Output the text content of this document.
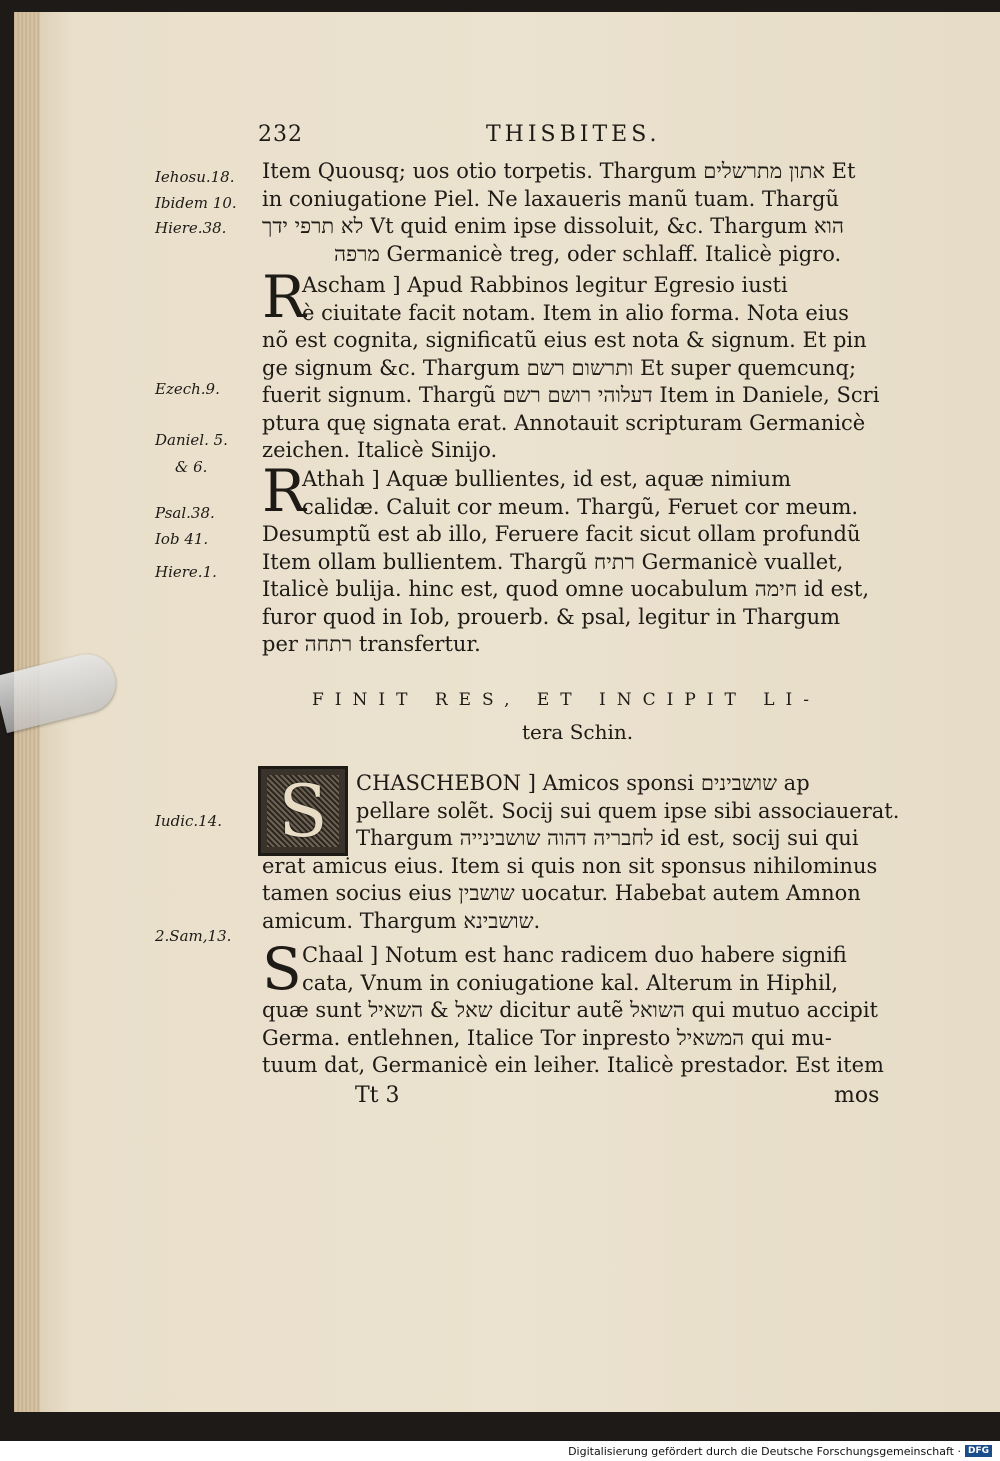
232	THISBITES.
Iehosu.18.
Ibidem 10.
Hiere.38.
Ezech.9.
Daniel. 5.
& 6.
Psal.38.
Iob 41.
Hiere.1.
Iudic.14.
2.Sam,13.
Item Quousq; uos otio torpetis. Thargum אתון מתרשלים Et
in coniugatione Piel. Ne laxaueris manũ tuam. Thargũ
לא תרפי ידך Vt quid enim ipse dissoluit, &c. Thargum הוא
מרפה Germanicè treg, oder schlaff. Italicè pigro.
R
Ascham ] Apud Rabbinos legitur Egresio iusti
è ciuitate facit notam. Item in alio forma. Nota eius
nõ est cognita, significatũ eius est nota & signum. Et pin
ge signum &c. Thargum ותרשום רשם Et super quemcunq;
fuerit signum. Thargũ דעלוהי רושם רשם Item in Daniele, Scri
ptura quę signata erat. Annotauit scripturam Germanicè
zeichen. Italicè Sinijo.
R
Athah ] Aquæ bullientes, id est, aquæ nimium
calidæ. Caluit cor meum. Thargũ, Feruet cor meum.
Desumptũ est ab illo, Feruere facit sicut ollam profundũ
Item ollam bullientem. Thargũ רתיח Germanicè vuallet,
Italicè bulija. hinc est, quod omne uocabulum חימה id est,
furor quod in Iob, prouerb. & psal, legitur in Thargum
per רתחה transfertur.
FINIT RES, ET INCIPIT LI-
tera Schin.
S	CHASCHEBON ] Amicos sponsi שושבינים ap
pellare solẽt. Socij sui quem ipse sibi associauerat.
Thargum לחבריה דהוה שושבינייה id est, socij sui qui
erat amicus eius. Item si quis non sit sponsus nihilominus
tamen socius eius שושבין uocatur. Habebat autem Amnon
amicum. Thargum שושבינא.
S Chaal ] Notum est hanc radicem duo habere signifi
cata, Vnum in coniugatione kal. Alterum in Hiphil,
quæ sunt שאל & השאיל dicitur autẽ השואל qui mutuo accipit
Germa. entlehnen, Italice Tor inpresto המשאיל qui mu-
tuum dat, Germanicè ein leiher. Italicè prestador. Est item
Tt 3	mos
Digitalisierung gefördert durch die Deutsche Forschungsgemeinschaft · DFG
